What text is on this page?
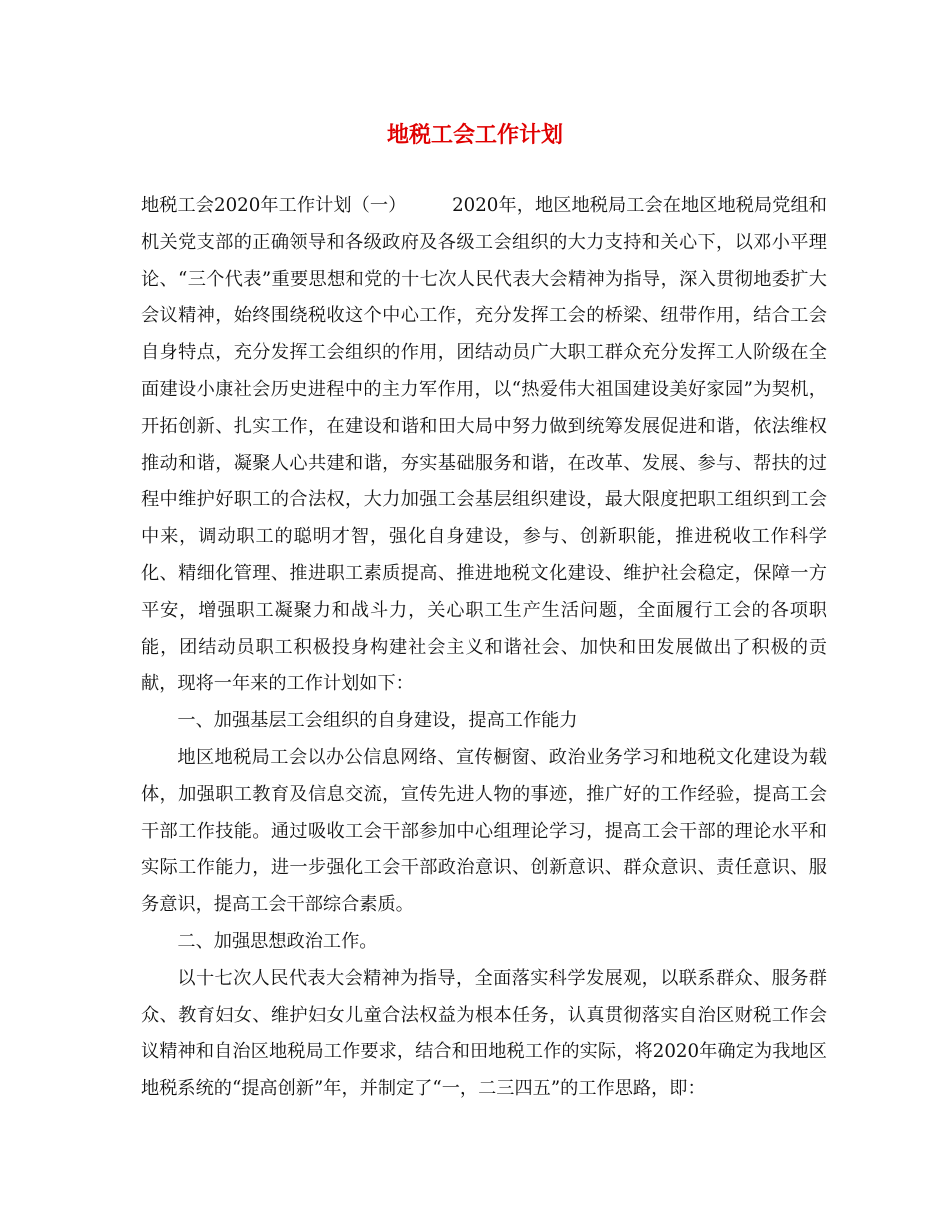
地税工会工作计划

地税工会2020年工作计划（一）　　　2020年，地区地税局工会在地区地税局党组和机关党支部的正确领导和各级政府及各级工会组织的大力支持和关心下，以邓小平理论、“三个代表”重要思想和党的十七次人民代表大会精神为指导，深入贯彻地委扩大会议精神，始终围绕税收这个中心工作，充分发挥工会的桥梁、纽带作用，结合工会自身特点，充分发挥工会组织的作用，团结动员广大职工群众充分发挥工人阶级在全面建设小康社会历史进程中的主力军作用，以“热爱伟大祖国建设美好家园”为契机，开拓创新、扎实工作，在建设和谐和田大局中努力做到统筹发展促进和谐，依法维权推动和谐，凝聚人心共建和谐，夯实基础服务和谐，在改革、发展、参与、帮扶的过程中维护好职工的合法权，大力加强工会基层组织建设，最大限度把职工组织到工会中来，调动职工的聪明才智，强化自身建设，参与、创新职能，推进税收工作科学化、精细化管理、推进职工素质提高、推进地税文化建设、维护社会稳定，保障一方平安，增强职工凝聚力和战斗力，关心职工生产生活问题，全面履行工会的各项职能，团结动员职工积极投身构建社会主义和谐社会、加快和田发展做出了积极的贡献，现将一年来的工作计划如下：

一、加强基层工会组织的自身建设，提高工作能力

地区地税局工会以办公信息网络、宣传橱窗、政治业务学习和地税文化建设为载体，加强职工教育及信息交流，宣传先进人物的事迹，推广好的工作经验，提高工会干部工作技能。通过吸收工会干部参加中心组理论学习，提高工会干部的理论水平和实际工作能力，进一步强化工会干部政治意识、创新意识、群众意识、责任意识、服务意识，提高工会干部综合素质。

二、加强思想政治工作。

以十七次人民代表大会精神为指导，全面落实科学发展观，以联系群众、服务群众、教育妇女、维护妇女儿童合法权益为根本任务，认真贯彻落实自治区财税工作会议精神和自治区地税局工作要求，结合和田地税工作的实际，将2020年确定为我地区地税系统的“提高创新”年，并制定了“一，二三四五”的工作思路，即：
